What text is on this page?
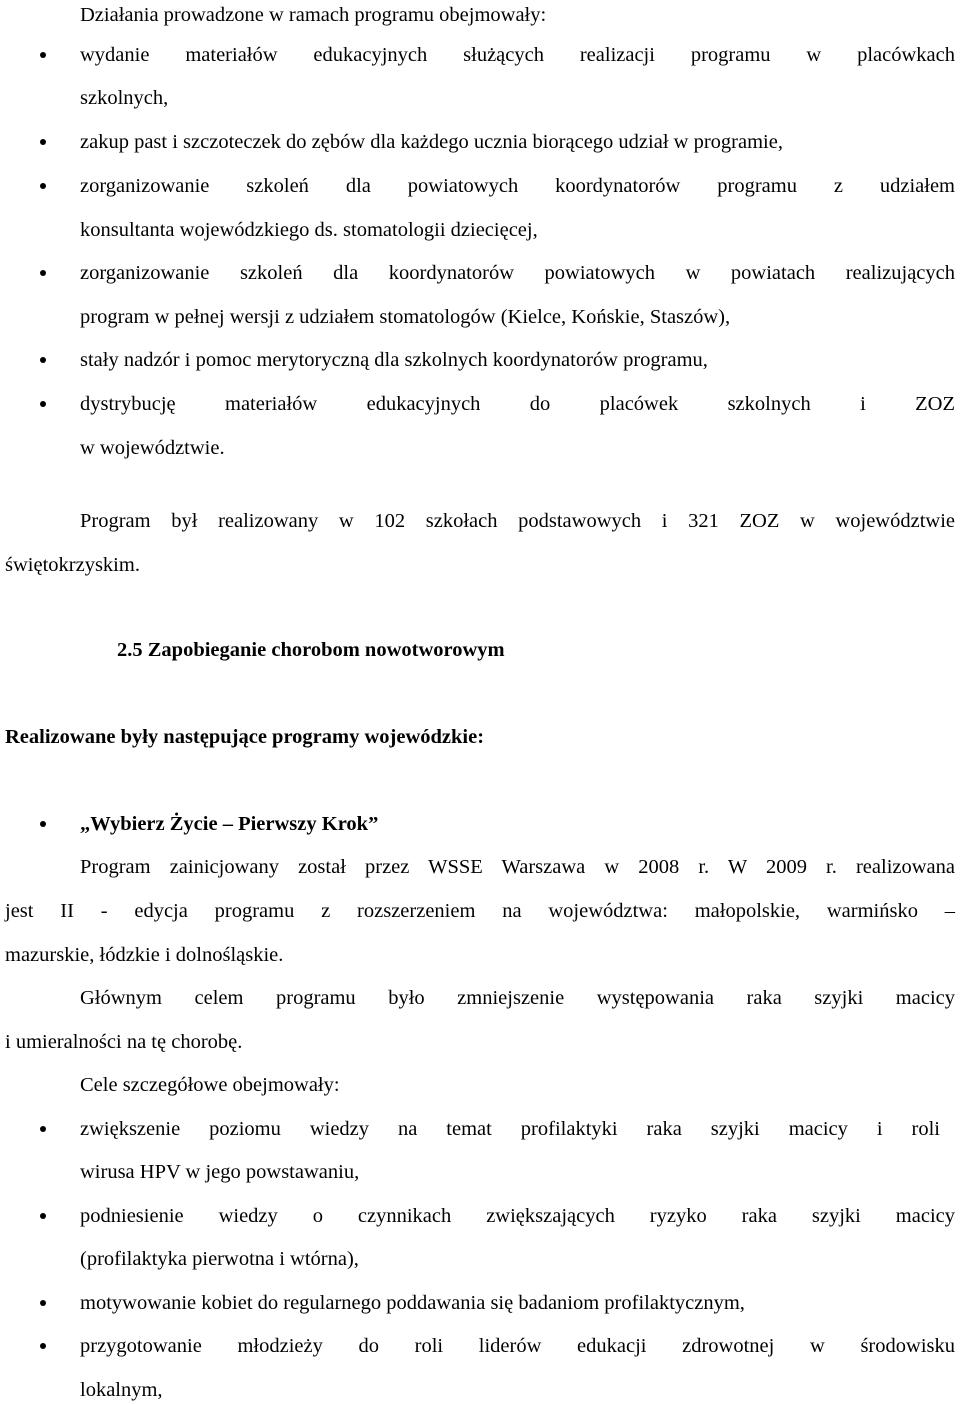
Działania prowadzone w ramach programu obejmowały:
wydanie materiałów edukacyjnych służących realizacji programu w placówkach
szkolnych,
zakup past i szczoteczek do zębów dla każdego ucznia biorącego udział w programie,
zorganizowanie szkoleń dla powiatowych koordynatorów programu z udziałem
konsultanta wojewódzkiego ds. stomatologii dziecięcej,
zorganizowanie szkoleń dla koordynatorów powiatowych w powiatach realizujących
program w pełnej wersji z udziałem stomatologów (Kielce, Końskie, Staszów),
stały nadzór i pomoc merytoryczną dla szkolnych koordynatorów programu,
dystrybucję materiałów edukacyjnych do placówek szkolnych i ZOZ
w województwie.
Program był realizowany w 102 szkołach podstawowych i 321 ZOZ w województwie
świętokrzyskim.
2.5 Zapobieganie chorobom nowotworowym
Realizowane były następujące programy wojewódzkie:
„Wybierz Życie – Pierwszy Krok”
Program zainicjowany został przez WSSE Warszawa w 2008 r. W 2009 r. realizowana
jest II - edycja programu z rozszerzeniem na województwa: małopolskie, warmińsko –
mazurskie, łódzkie i dolnośląskie.
Głównym celem programu było zmniejszenie występowania raka szyjki macicy
i umieralności na tę chorobę.
Cele szczegółowe obejmowały:
zwiększenie poziomu wiedzy na temat profilaktyki raka szyjki macicy i roli
wirusa HPV w jego powstawaniu,
podniesienie wiedzy o czynnikach zwiększających ryzyko raka szyjki macicy
(profilaktyka pierwotna i wtórna),
motywowanie kobiet do regularnego poddawania się badaniom profilaktycznym,
przygotowanie młodzieży do roli liderów edukacji zdrowotnej w środowisku
lokalnym,
